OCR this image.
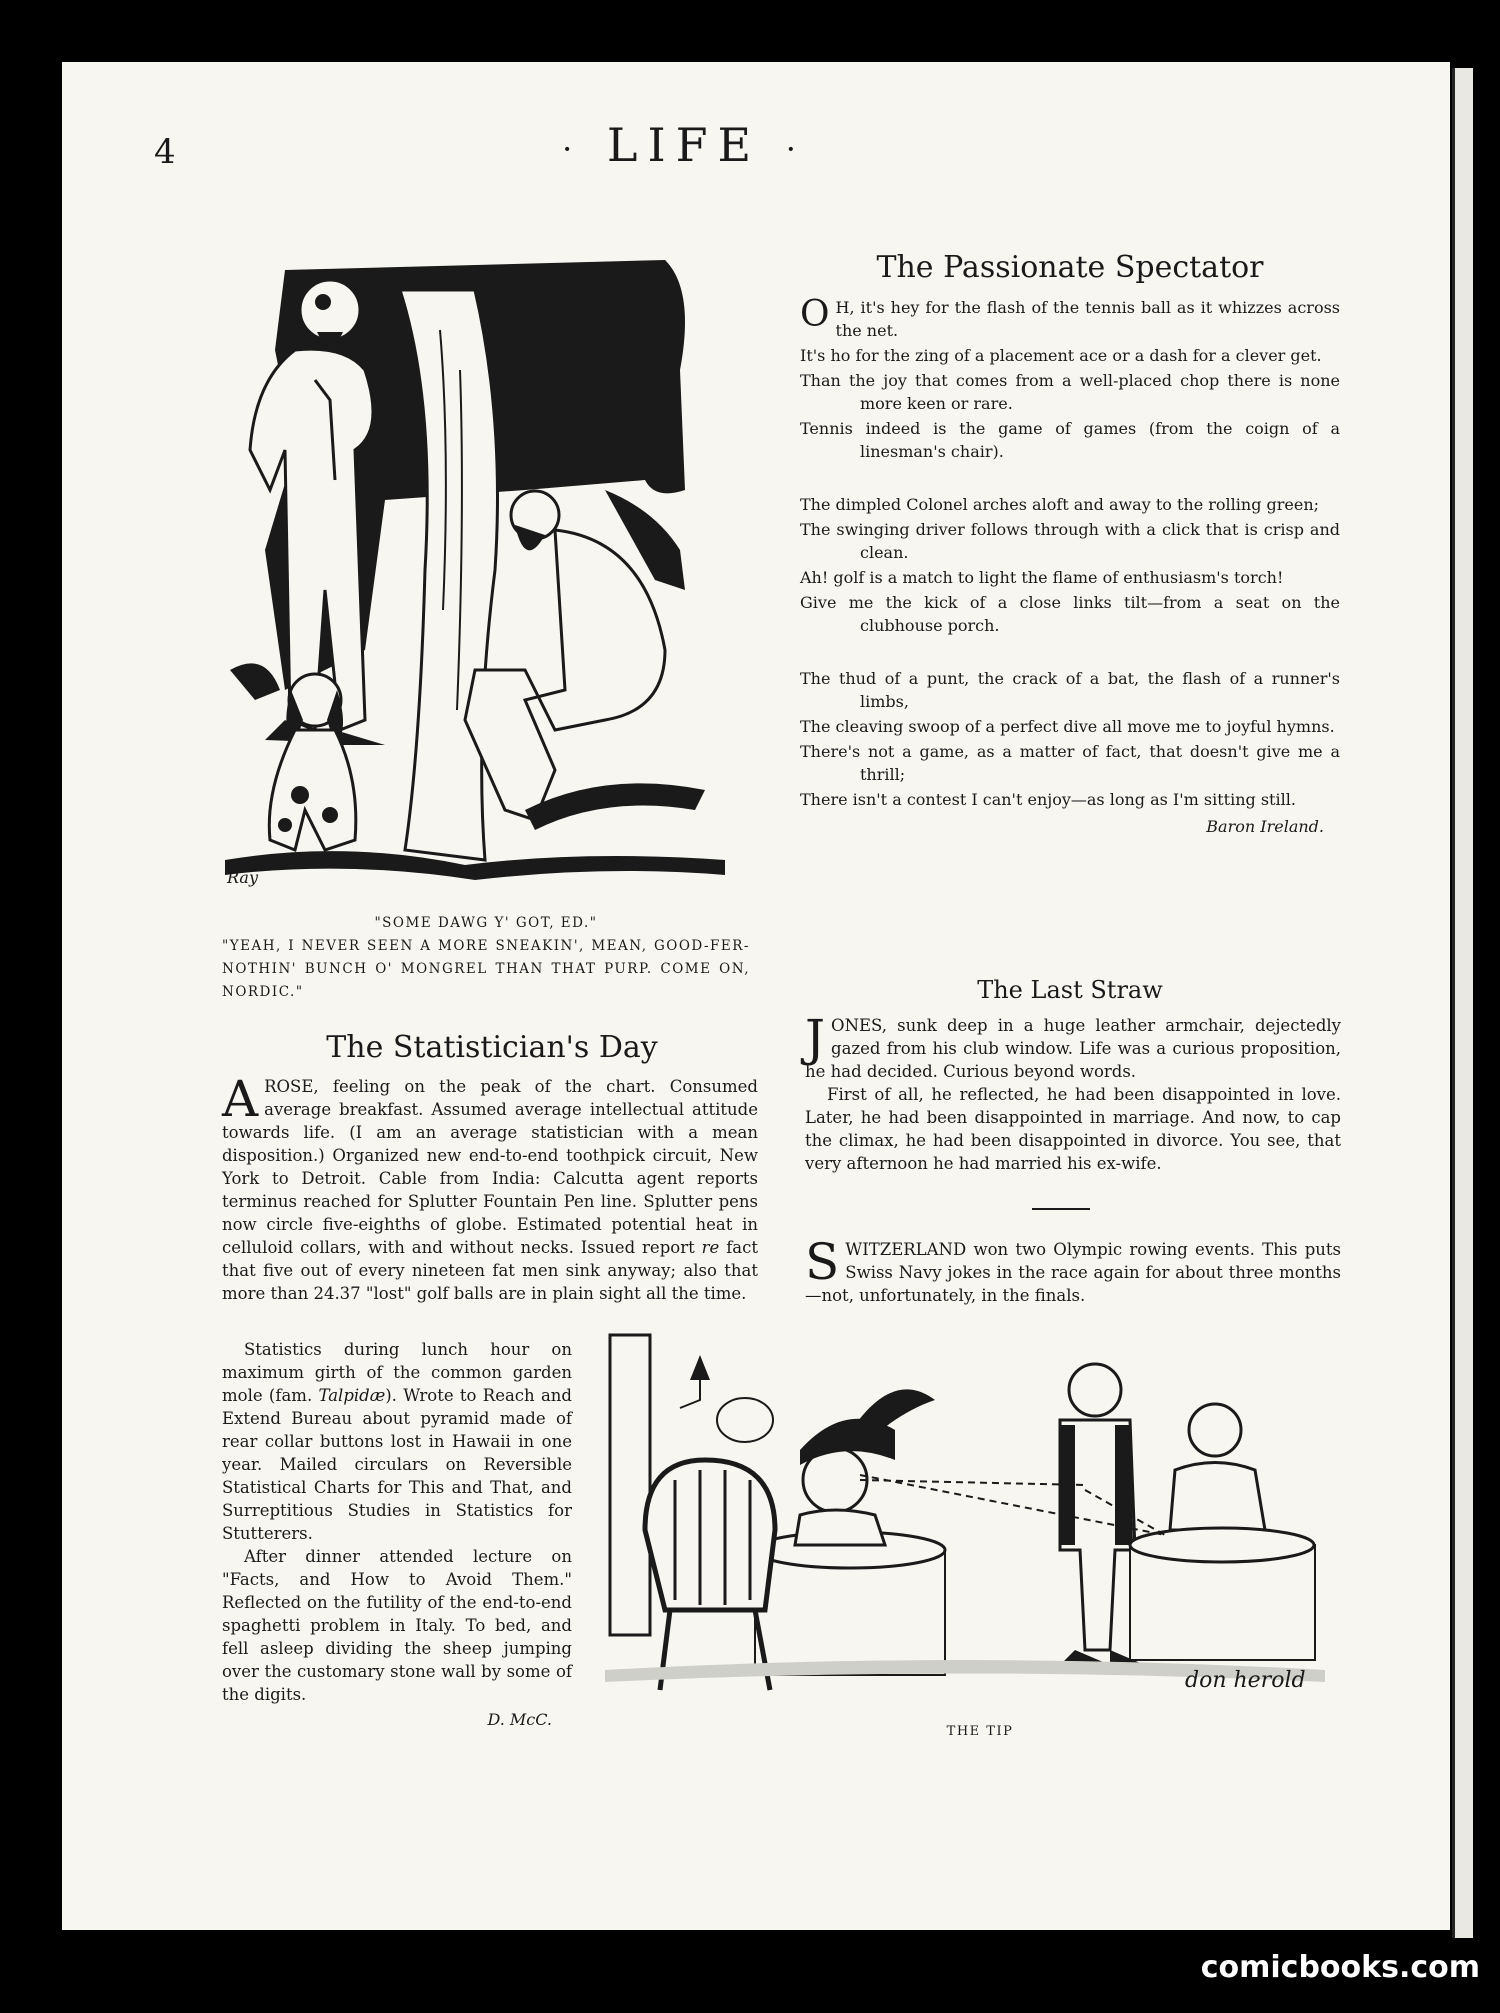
4	· LIFE ·
Ray
"SOME DAWG Y' GOT, ED."
"YEAH, I NEVER SEEN A MORE SNEAKIN', MEAN, GOOD-FER-NOTHIN' BUNCH O' MONGREL THAN THAT PURP. COME ON, NORDIC."
The Passionate Spectator

O H, it's hey for the flash of the tennis ball as it whizzes across the net.

It's ho for the zing of a placement ace or a dash for a clever get.

Than the joy that comes from a well-placed chop there is none more keen or rare.

Tennis indeed is the game of games (from the coign of a linesman's chair).

The dimpled Colonel arches aloft and away to the rolling green;

The swinging driver follows through with a click that is crisp and clean.

Ah! golf is a match to light the flame of enthusiasm's torch!

Give me the kick of a close links tilt—from a seat on the clubhouse porch.

The thud of a punt, the crack of a bat, the flash of a runner's limbs,

The cleaving swoop of a perfect dive all move me to joyful hymns.

There's not a game, as a matter of fact, that doesn't give me a thrill;

There isn't a contest I can't enjoy—as long as I'm sitting still.

Baron Ireland.
The Last Straw

JONES, sunk deep in a huge leather armchair, dejectedly gazed from his club window. Life was a curious proposition, he had decided. Curious beyond words.

First of all, he reflected, he had been disappointed in love. Later, he had been disappointed in marriage. And now, to cap the climax, he had been disappointed in divorce. You see, that very afternoon he had married his ex-wife.

SWITZERLAND won two Olympic rowing events. This puts Swiss Navy jokes in the race again for about three months—not, unfortunately, in the finals.

The Statistician's Day

AROSE, feeling on the peak of the chart. Consumed average breakfast. Assumed average intellectual attitude towards life. (I am an average statistician with a mean disposition.) Organized new end-to-end toothpick circuit, New York to Detroit. Cable from India: Calcutta agent reports terminus reached for Splutter Fountain Pen line. Splutter pens now circle five-eighths of globe. Estimated potential heat in celluloid collars, with and without necks. Issued report re fact that five out of every nineteen fat men sink anyway; also that more than 24.37 "lost" golf balls are in plain sight all the time.

Statistics during lunch hour on maximum girth of the common garden mole (fam. Talpidæ). Wrote to Reach and Extend Bureau about pyramid made of rear collar buttons lost in Hawaii in one year. Mailed circulars on Reversible Statistical Charts for This and That, and Surreptitious Studies in Statistics for Stutterers.

After dinner attended lecture on "Facts, and How to Avoid Them." Reflected on the futility of the end-to-end spaghetti problem in Italy. To bed, and fell asleep dividing the sheep jumping over the customary stone wall by some of the digits.

D. McC.
don herold
THE TIP
comicbooks.com
